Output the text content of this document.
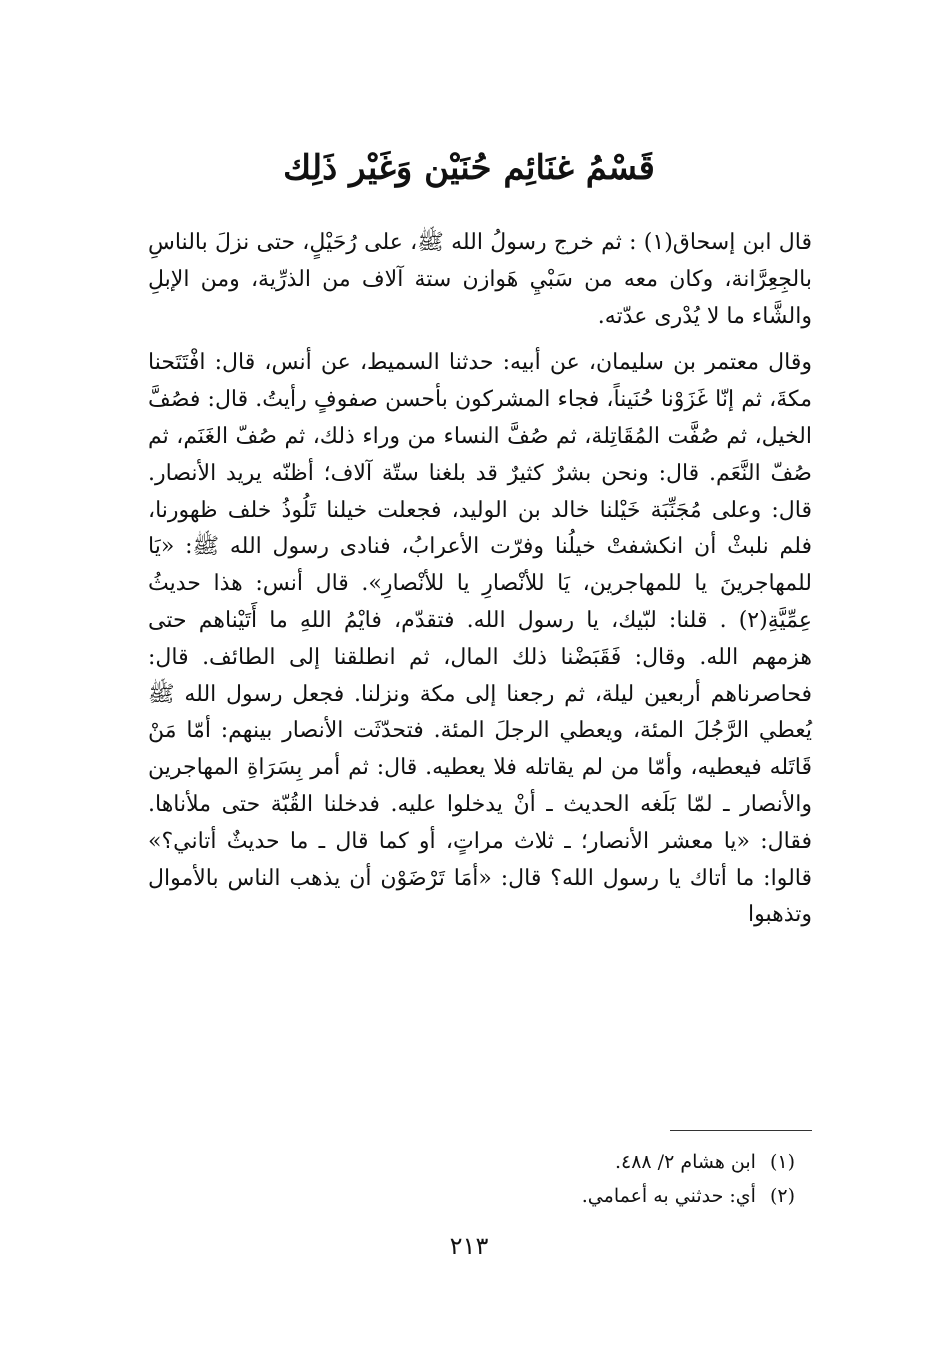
قَسْمُ غنَائِم حُنَيْن وَغَيْر ذَلِك

قال ابن إسحاق(١) : ثم خرج رسولُ الله ﷺ، على رُحَيْلٍ، حتى نزلَ بالناسِ بالجِعِرَّانة، وكان معه من سَبْيِ هَوازن ستة آلاف من الذرِّية، ومن الإبلِ والشَّاء ما لا يُدْرى عدّته.

وقال معتمر بن سليمان، عن أبيه: حدثنا السميط، عن أنس، قال: افْتَتَحنا مكةَ، ثم إنّا غَزَوْنا حُنَيناً، فجاء المشركون بأحسن صفوفٍ رأيتُ. قال: فصُفَّ الخيل، ثم صُفَّت المُقَاتِلة، ثم صُفَّ النساء من وراء ذلك، ثم صُفّ الغَنَم، ثم صُفّ النَّعَم. قال: ونحن بشرٌ كثيرٌ قد بلغنا ستّة آلاف؛ أظنّه يريد الأنصار. قال: وعلى مُجَنِّبَة خَيْلنا خالد بن الوليد، فجعلت خيلنا تَلُوذُ خلف ظهورنا، فلم نلبثْ أن انكشفتْ خيلُنا وفرّت الأعرابُ، فنادى رسول الله ﷺ: «يَا للمهاجرينَ يا للمهاجرين، يَا للأنْصارِ يا للأنْصارِ». قال أنس: هذا حديثُ عِمِّيَّةِ(٢) . قلنا: لبّيك، يا رسول الله. فتقدّم، فايْمُ اللهِ ما أَتَيْناهم حتى هزمهم الله. وقال: فَقَبَضْنا ذلك المال، ثم انطلقنا إلى الطائف. قال: فحاصرناهم أربعين ليلة، ثم رجعنا إلى مكة ونزلنا. فجعل رسول الله ﷺ يُعطي الرَّجُلَ المئة، ويعطي الرجلَ المئة. فتحدّثَت الأنصار بينهم: أمّا مَنْ قَاتَله فيعطيه، وأمّا من لم يقاتله فلا يعطيه. قال: ثم أمر بِسَرَاةِ المهاجرين والأنصار ـ لمّا بَلَغه الحديث ـ أنْ يدخلوا عليه. فدخلنا القُبّة حتى ملأناها. فقال: «يا معشر الأنصار؛ ـ ثلاث مراتٍ، أو كما قال ـ ما حديثٌ أتاني؟» قالوا: ما أتاك يا رسول الله؟ قال: «أمَا تَرْضَوْن أن يذهب الناس بالأموال وتذهبوا

(١)ابن هشام ٢/ ٤٨٨.

(٢)أي: حدثني به أعمامي.

٢١٣
